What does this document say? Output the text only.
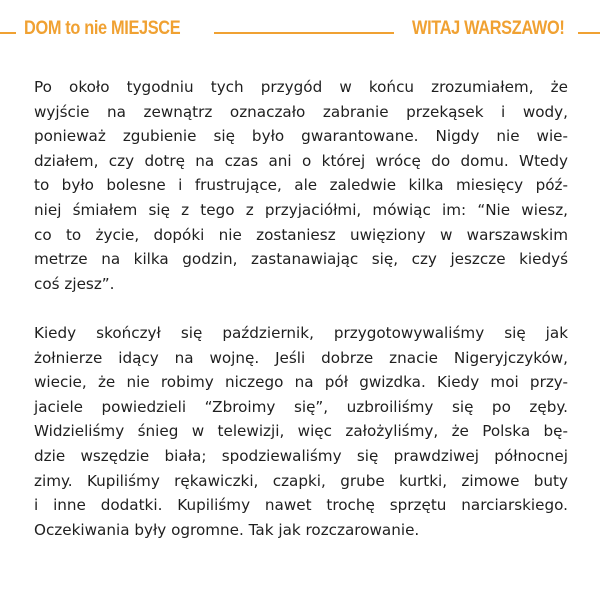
DOM to nie MIEJSCE	WITAJ WARSZAWO!

Po około tygodniu tych przygód w końcu zrozumiałem, że
wyjście na zewnątrz oznaczało zabranie przekąsek i wody,
ponieważ zgubienie się było gwarantowane. Nigdy nie wie-
działem, czy dotrę na czas ani o której wrócę do domu. Wtedy
to było bolesne i frustrujące, ale zaledwie kilka miesięcy póź-
niej śmiałem się z tego z przyjaciółmi, mówiąc im: “Nie wiesz,
co to życie, dopóki nie zostaniesz uwięziony w warszawskim
metrze na kilka godzin, zastanawiając się, czy jeszcze kiedyś
coś zjesz”.

Kiedy skończył się październik, przygotowywaliśmy się jak
żołnierze idący na wojnę. Jeśli dobrze znacie Nigeryjczyków,
wiecie, że nie robimy niczego na pół gwizdka. Kiedy moi przy-
jaciele powiedzieli “Zbroimy się”, uzbroiliśmy się po zęby.
Widzieliśmy śnieg w telewizji, więc założyliśmy, że Polska bę-
dzie wszędzie biała; spodziewaliśmy się prawdziwej północnej
zimy. Kupiliśmy rękawiczki, czapki, grube kurtki, zimowe buty
i inne dodatki. Kupiliśmy nawet trochę sprzętu narciarskiego.
Oczekiwania były ogromne. Tak jak rozczarowanie.
